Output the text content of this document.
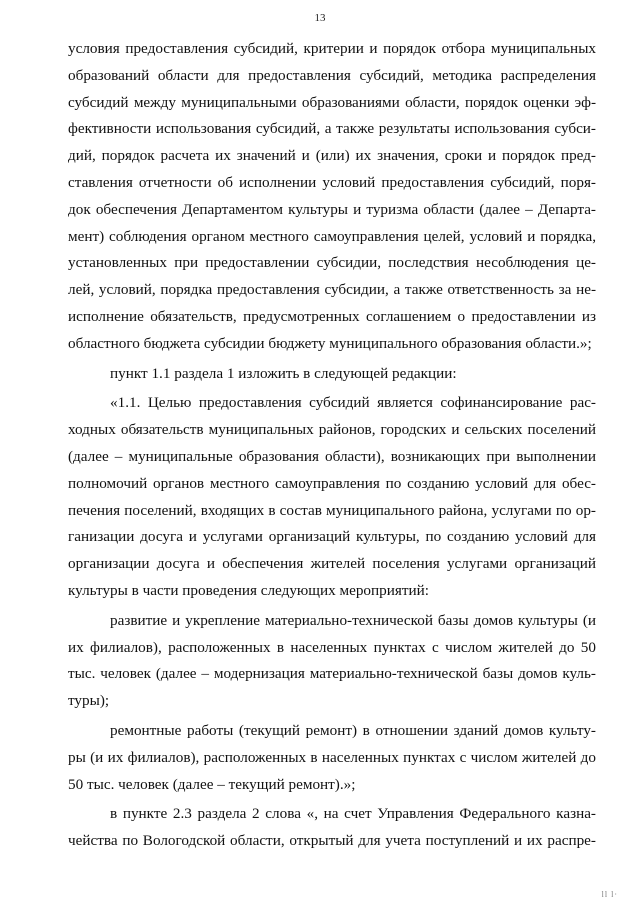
13
условия предоставления субсидий, критерии и порядок отбора муниципальных
образований области для предоставления субсидий, методика распределения
субсидий между муниципальными образованиями области, порядок оценки эф-
фективности использования субсидий, а также результаты использования субси-
дий, порядок расчета их значений и (или) их значения, сроки и порядок пред-
ставления отчетности об исполнении условий предоставления субсидий, поря-
док обеспечения Департаментом культуры и туризма области (далее – Департа-
мент) соблюдения органом местного самоуправления целей, условий и порядка,
установленных при предоставлении субсидии, последствия несоблюдения це-
лей, условий, порядка предоставления субсидии, а также ответственность за не-
исполнение обязательств, предусмотренных соглашением о предоставлении из
областного бюджета субсидии бюджету муниципального образования области.»;
пункт 1.1 раздела 1 изложить в следующей редакции:
«1.1. Целью предоставления субсидий является софинансирование рас-
ходных обязательств муниципальных районов, городских и сельских поселений
(далее – муниципальные образования области), возникающих при выполнении
полномочий органов местного самоуправления по созданию условий для обес-
печения поселений, входящих в состав муниципального района, услугами по ор-
ганизации досуга и услугами организаций культуры, по созданию условий для
организации досуга и обеспечения жителей поселения услугами организаций
культуры в части проведения следующих мероприятий:
развитие и укрепление материально-технической базы домов культуры (и
их филиалов), расположенных в населенных пунктах с числом жителей до 50
тыс. человек (далее – модернизация материально-технической базы домов куль-
туры);
ремонтные работы (текущий ремонт) в отношении зданий домов культу-
ры (и их филиалов), расположенных в населенных пунктах с числом жителей до
50 тыс. человек (далее – текущий ремонт).»;
в пункте 2.3 раздела 2 слова «, на счет Управления Федерального казна-
чейства по Вологодской области, открытый для учета поступлений и их распре-
ll l·
